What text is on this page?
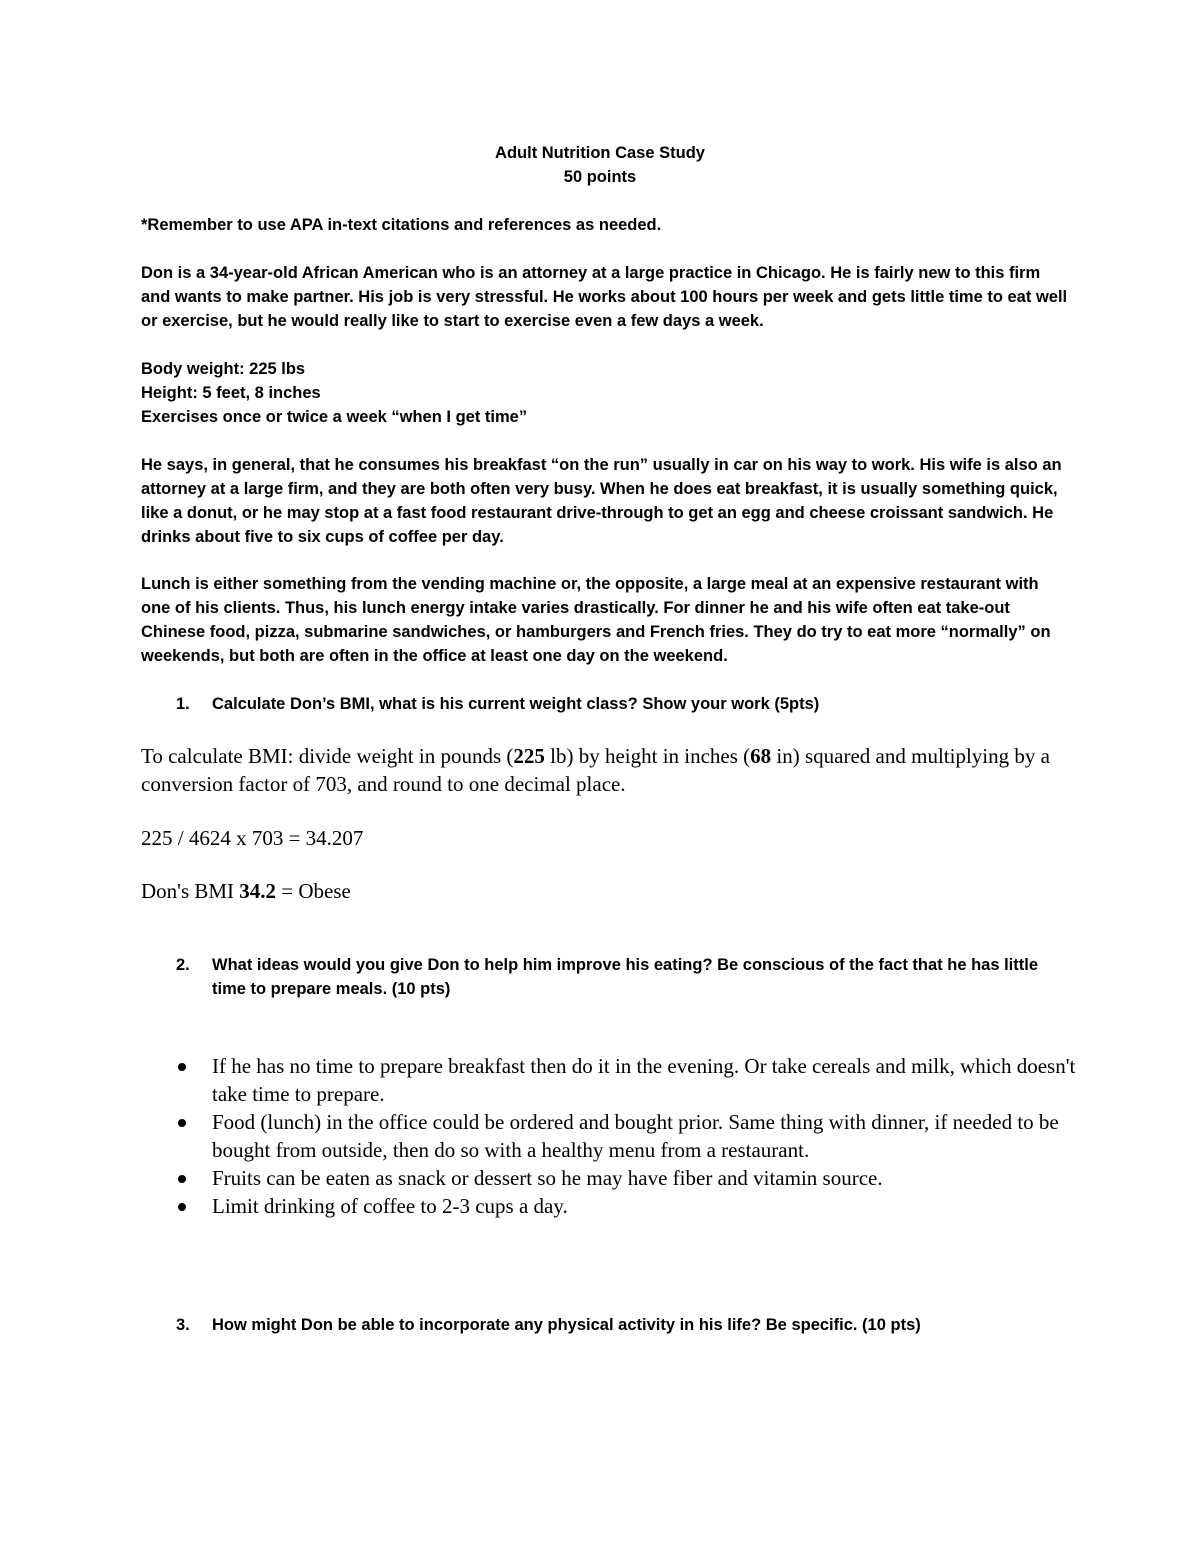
Adult Nutrition Case Study
50 points

*Remember to use APA in-text citations and references as needed.

Don is a 34-year-old African American who is an attorney at a large practice in Chicago. He is fairly new to this firm and wants to make partner. His job is very stressful. He works about 100 hours per week and gets little time to eat well or exercise, but he would really like to start to exercise even a few days a week.

Body weight: 225 lbs
Height: 5 feet, 8 inches
Exercises once or twice a week “when I get time”

He says, in general, that he consumes his breakfast “on the run” usually in car on his way to work. His wife is also an attorney at a large firm, and they are both often very busy. When he does eat breakfast, it is usually something quick, like a donut, or he may stop at a fast food restaurant drive-through to get an egg and cheese croissant sandwich. He drinks about five to six cups of coffee per day.

Lunch is either something from the vending machine or, the opposite, a large meal at an expensive restaurant with one of his clients. Thus, his lunch energy intake varies drastically. For dinner he and his wife often eat take-out Chinese food, pizza, submarine sandwiches, or hamburgers and French fries. They do try to eat more “normally” on weekends, but both are often in the office at least one day on the weekend.

1. Calculate Don’s BMI, what is his current weight class? Show your work (5pts)

To calculate BMI: divide weight in pounds (225 lb) by height in inches (68 in) squared and multiplying by a conversion factor of 703, and round to one decimal place.

225 / 4624 x 703 = 34.207

Don's BMI 34.2 = Obese

2. What ideas would you give Don to help him improve his eating? Be conscious of the fact that he has little time to prepare meals. (10 pts)
If he has no time to prepare breakfast then do it in the evening. Or take cereals and milk, which doesn't take time to prepare.
Food (lunch) in the office could be ordered and bought prior. Same thing with dinner, if needed to be bought from outside, then do so with a healthy menu from a restaurant.
Fruits can be eaten as snack or dessert so he may have fiber and vitamin source.
Limit drinking of coffee to 2-3 cups a day.
3. How might Don be able to incorporate any physical activity in his life? Be specific. (10 pts)
